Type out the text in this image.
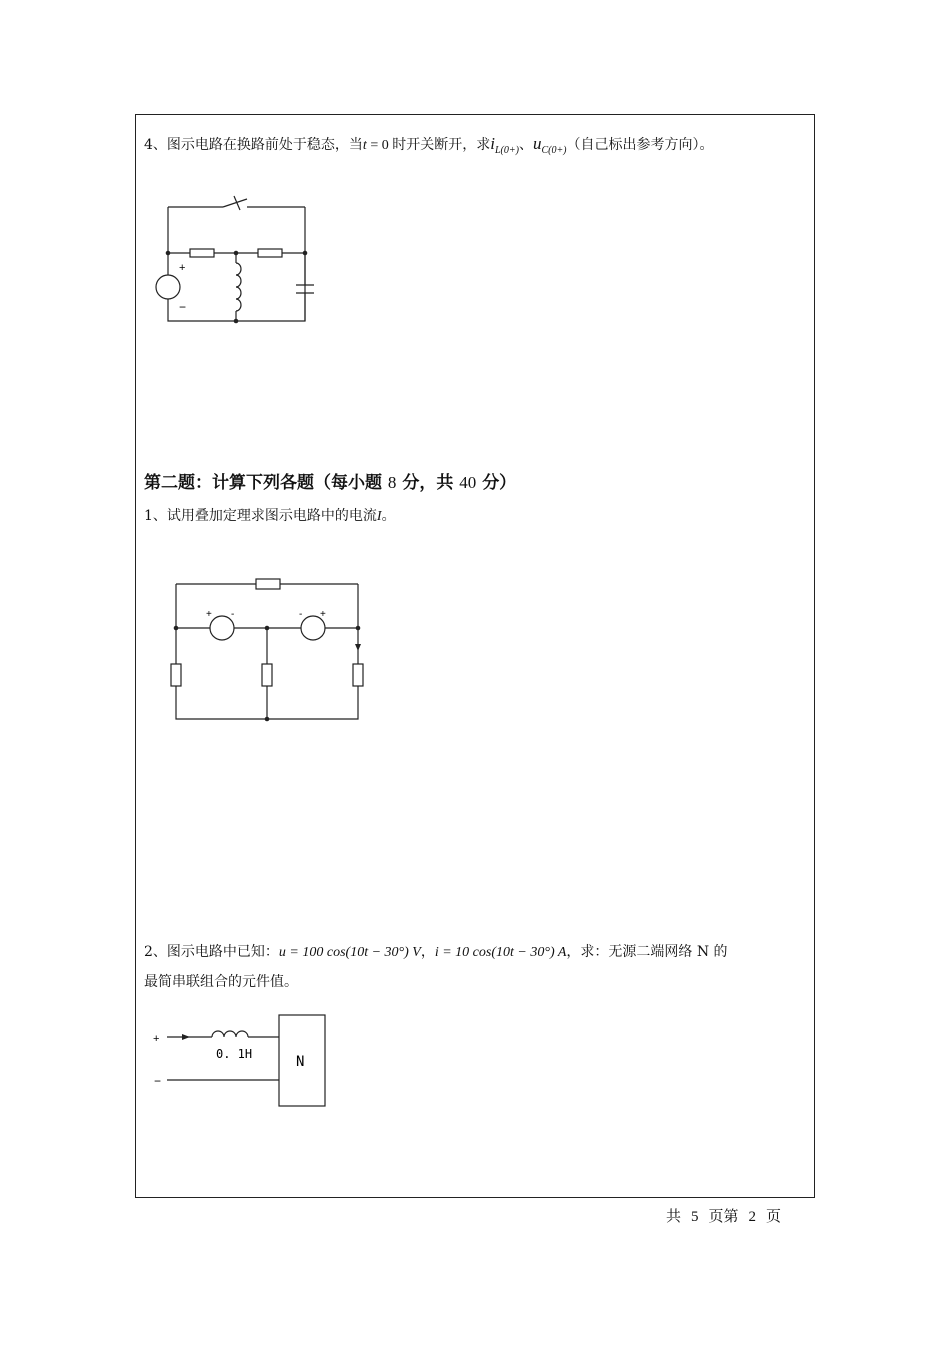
4、图示电路在换路前处于稳态，当t = 0 时开关断开，求$i_{L(0+)}$、$u_{C(0+)}$（自己标出参考方向）。
+
−
第二题：计算下列各题（每小题 8 分，共 40 分）
1、试用叠加定理求图示电路中的电流I。
+ -	- +
2、图示电路中已知：u = 100 cos(10t − 30°) V，i = 10 cos(10t − 30°) A，求：无源二端网络 N 的
最简串联组合的元件值。
+
−
0. 1H	N
共 5 页第 2 页
